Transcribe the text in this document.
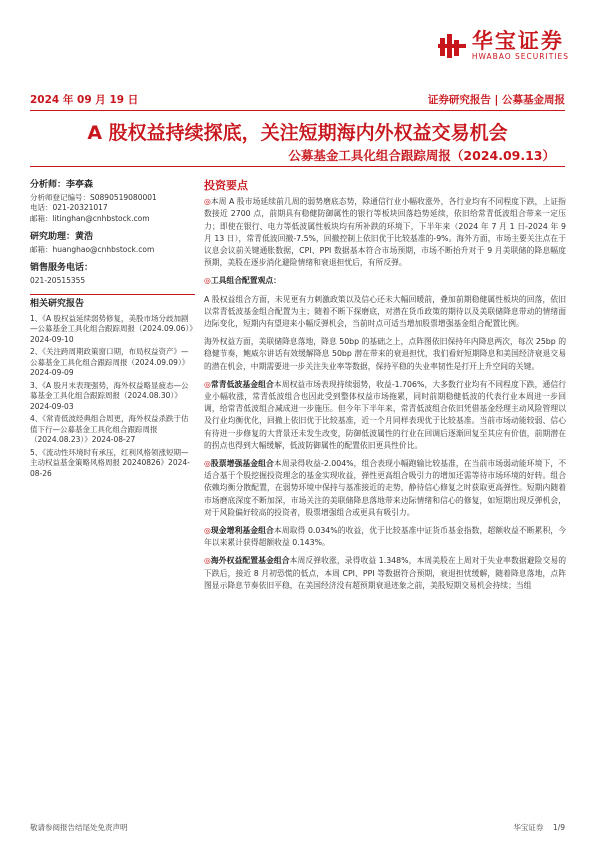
华宝证券
HWABAO SECURITIES
2024 年 09 月 19 日	证券研究报告 | 公募基金周报
A 股权益持续探底，关注短期海内外权益交易机会
公募基金工具化组合跟踪周报（2024.09.13）
分析师：李亭森
分析师登记编号：S0890519080001
电话：021-20321017
邮箱：litinghan@cnhbstock.com
研究助理：黄浩
邮箱：huanghao@cnhbstock.com
销售服务电话：
021-20515355
相关研究报告
1、《A 股权益延续弱势修复，美股市场分歧加剧—公募基金工具化组合跟踪周报（2024.09.06）》2024-09-10
2、《关注跨周期政策窗口期，布局权益资产》—公募基金工具化组合跟踪周报（2024.09.09）》2024-09-09
3、《A 股月末表现强势，海外权益略显疲态—公募基金工具化组合跟踪周报（2024.08.30）》2024-09-03
4、《常青低波经典组合周更，海外权益杀跌于估值下行—公募基金工具化组合跟踪周报（2024.08.23）》2024-08-27
5、《流动性环境时有承压，红利风格领涨短期—主动权益基金策略风格周报 20240826》2024-08-26
投资要点

◎本周 A 股市场延续前几周的弱势磨底态势，除通信行业小幅收涨外，各行业均有不同程度下跌，上证指数接近 2700 点，前期具有稳健防御属性的银行等板块回落趋势延续，依旧给常青低波组合带来一定压力；即使在银行、电力等低波属性板块均有所补跌的环境下，下半年来（2024 年 7 月 1 日-2024 年 9 月 13 日），常青低波回撤-7.5%，回撤控制上依旧优于比较基准的-9%。海外方面，市场主要关注点在于议息会议前关键通胀数据，CPI、PPI 数据基本符合市场预期，市场不断抬升对于 9 月美联储的降息幅度预期，美股在逐步消化避险情绪和衰退担忧后，有所反弹。

◎工具组合配置观点：

A 股权益组合方面，未见更有力刺激政策以及信心还未大幅回暖前，叠加前期稳健属性板块的回落，依旧以常青低波基金组合配置为主；随着不断下探磨底，对潜在货币政策的期待以及美联储降息带动的情绪面边际变化，短期内有望迎来小幅反弹机会，当前时点可适当增加股票增强基金组合配置比例。

海外权益方面，美联储降息落地，降息 50bp 的基础之上，点阵图依旧保持年内降息两次，每次 25bp 的稳健节奏，鲍威尔讲话有效缓解降息 50bp 潜在带来的衰退担忧，我们看好短期降息和美国经济衰退交易的潜在机会，中期需要进一步关注失业率等数据，保持平稳的失业率韧性是打开上升空间的关键。

◎常青低波基金组合本周权益市场表现持续弱势，收益-1.706%，大多数行业均有不同程度下跌，通信行业小幅收涨，常青低波组合也因此受到整体权益市场拖累，同时前期稳健低波的代表行业本周进一步回调，给常青低波组合减成进一步施压。但今年下半年来，常青低波组合依旧凭借基金经理主动风险管理以及行业均衡优化，回撤上依旧优于比较基准，近一个月同样表现优于比较基准。当前市场动能较弱、信心有待进一步修复的大背景还未发生改变，防御低波属性的行业在回调后逐渐回复至其应有价值，前期潜在的拐点也得到大幅缓解，低波防御属性的配置依旧更具性价比。

◎股票增强基金组合本周录得收益-2.004%，组合表现小幅跑输比较基准，在当前市场弱动能环境下，不适合基于个股挖掘投资理念的基金实现收益，弹性更高组合吸引力的增加还需等待市场环境的好转。组合依赖均衡分散配置，在弱势环境中保持与基准接近的走势，静待信心修复之时获取更高弹性。短期内随着市场磨底深度不断加深，市场关注的美联储降息落地带来边际情绪和信心的修复，如短期出现反弹机会，对于风险偏好较高的投资者，股票增强组合或更具有吸引力。

◎现金增利基金组合本周取得 0.034%的收益，优于比较基准中证货币基金指数，超额收益不断累积，今年以来累计获得超额收益 0.143%。

◎海外权益配置基金组合本周反弹收涨，录得收益 1.348%，本周美股在上周对于失业率数据避险交易的下跌后，接近 8 月初恐慌的低点，本周 CPI、PPI 等数据符合预期，衰退担忧缓解，随着降息落地，点阵图显示降息节奏依旧平稳，在美国经济没有超预期衰退迹象之前，美股短期交易机会持续；当组

敬请参阅报告结尾处免责声明	华宝证券 1/9
